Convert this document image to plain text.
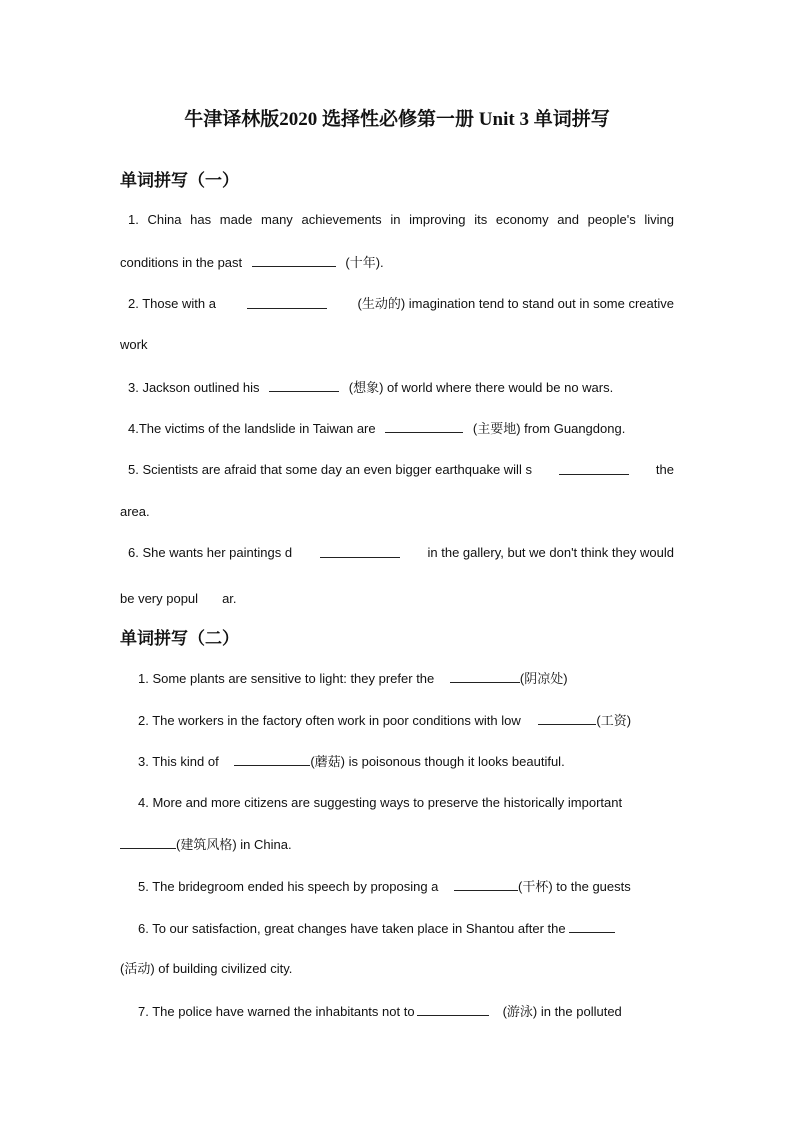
牛津译林版2020 选择性必修第一册 Unit 3 单词拼写
单词拼写（一）
1. China has made many achievements in improving its economy and people's living
conditions in the past	(十年).
2. Those with a	(生动的) imagination tend to stand out in some creative
work
3. Jackson outlined his	(想象) of world where there would be no wars.
4.The victims of the landslide in Taiwan are	(主要地) from Guangdong.
5. Scientists are afraid that some day an even bigger earthquake will s	the
area.
6. She wants her paintings d	in the gallery, but we don't think they would
be very popul ar.
单词拼写（二）
1. Some plants are sensitive to light: they prefer the	(阴凉处)
2. The workers in the factory often work in poor conditions with low	(工资)
3. This kind of	(蘑菇) is poisonous though it looks beautiful.
4. More and more citizens are suggesting ways to preserve the historically important
(建筑风格) in China.
5. The bridegroom ended his speech by proposing a	(干杯) to the guests
6. To our satisfaction, great changes have taken place in Shantou after the
(活动) of building civilized city.
7. The police have warned the inhabitants not to	(游泳) in the polluted
